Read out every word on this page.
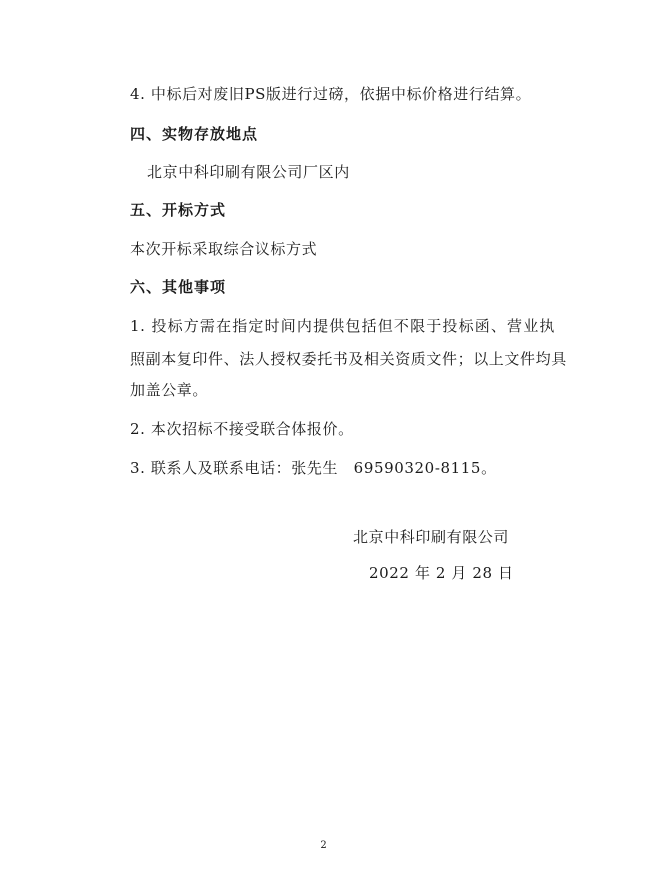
4. 中标后对废旧PS版进行过磅，依据中标价格进行结算。

四、实物存放地点

北京中科印刷有限公司厂区内

五、开标方式

本次开标采取综合议标方式

六、其他事项

1. 投标方需在指定时间内提供包括但不限于投标函、营业执

照副本复印件、法人授权委托书及相关资质文件；以上文件均具

加盖公章。

2. 本次招标不接受联合体报价。

3. 联系人及联系电话：张先生　69590320-8115。

北京中科印刷有限公司

2022 年 2 月 28 日

2
